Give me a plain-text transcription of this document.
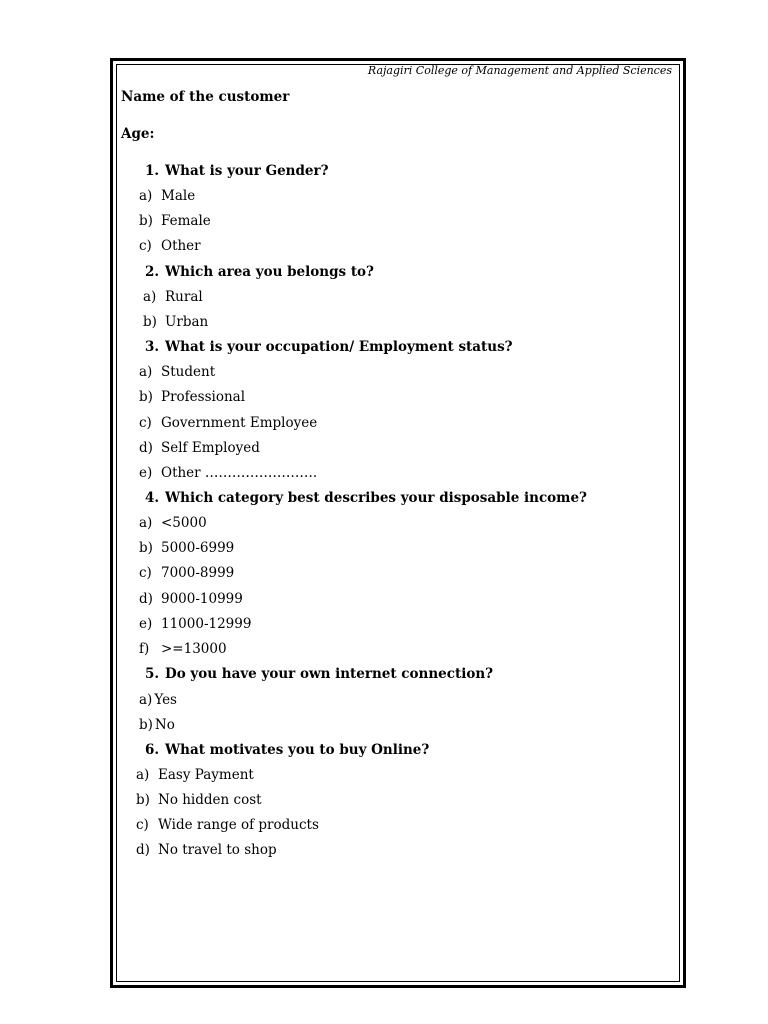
Rajagiri College of Management and Applied Sciences
Name of the customer
Age:
1. What is your Gender?
a) Male
b) Female
c) Other
2. Which area you belongs to?
a) Rural
b) Urban
3. What is your occupation/ Employment status?
a) Student
b) Professional
c) Government Employee
d) Self Employed
e) Other …………………….
4. Which category best describes your disposable income?
a) <5000
b) 5000-6999
c) 7000-8999
d) 9000-10999
e) 11000-12999
f) >=13000
5. Do you have your own internet connection?
a) Yes
b) No
6. What motivates you to buy Online?
a) Easy Payment
b) No hidden cost
c) Wide range of products
d) No travel to shop
